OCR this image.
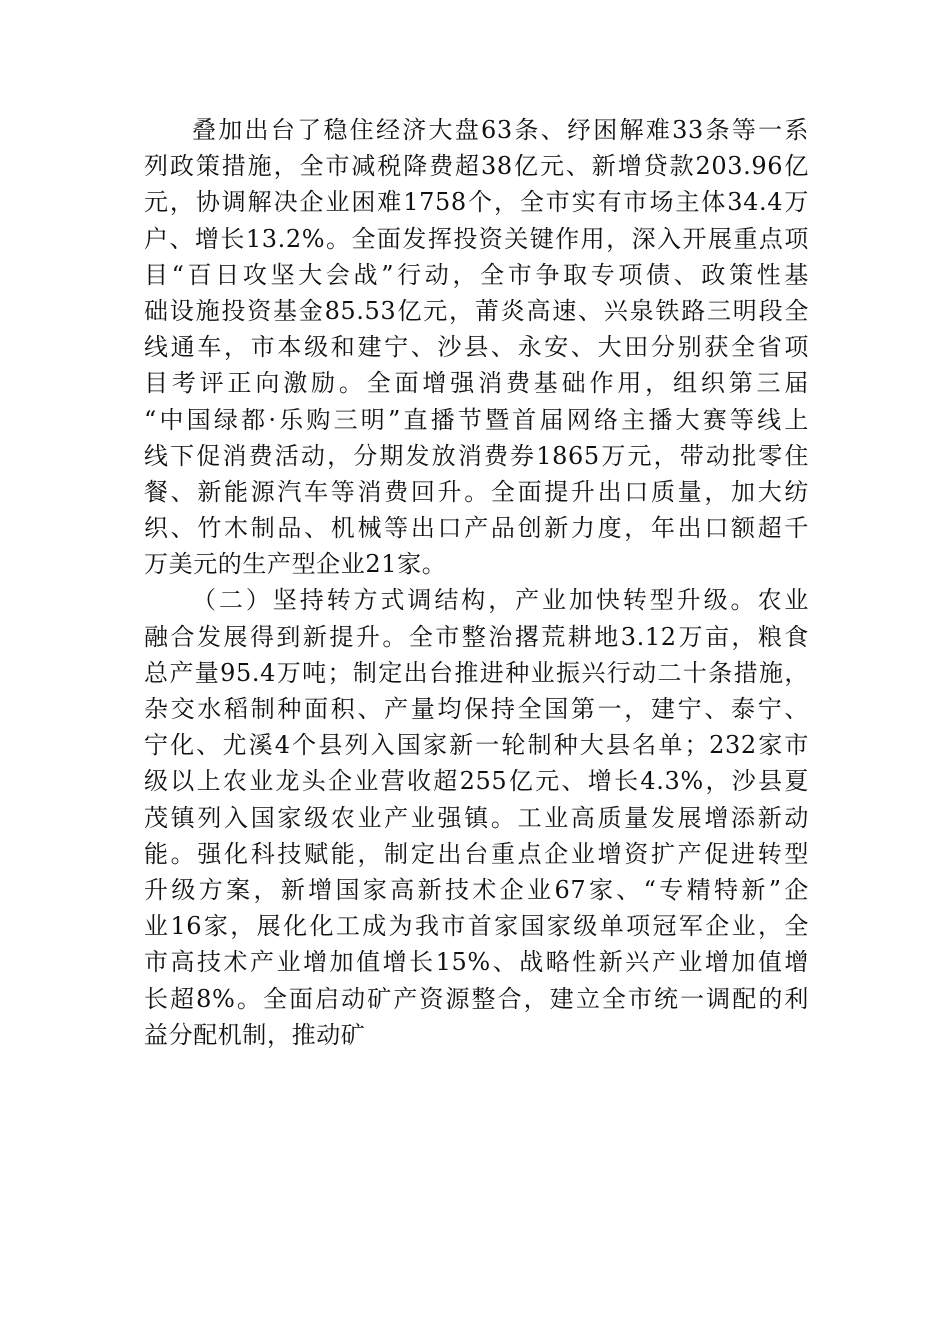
叠加出台了稳住经济大盘63条、纾困解难33条等一系
列政策措施，全市减税降费超38亿元、新增贷款203.96亿
元，协调解决企业困难1758个，全市实有市场主体34.4万
户、增长13.2%。全面发挥投资关键作用，深入开展重点项
目“百日攻坚大会战”行动，全市争取专项债、政策性基
础设施投资基金85.53亿元，莆炎高速、兴泉铁路三明段全
线通车，市本级和建宁、沙县、永安、大田分别获全省项
目考评正向激励。全面增强消费基础作用，组织第三届
“中国绿都·乐购三明”直播节暨首届网络主播大赛等线上
线下促消费活动，分期发放消费券1865万元，带动批零住
餐、新能源汽车等消费回升。全面提升出口质量，加大纺
织、竹木制品、机械等出口产品创新力度，年出口额超千
万美元的生产型企业21家。
（二）坚持转方式调结构，产业加快转型升级。农业
融合发展得到新提升。全市整治撂荒耕地3.12万亩，粮食
总产量95.4万吨；制定出台推进种业振兴行动二十条措施，
杂交水稻制种面积、产量均保持全国第一，建宁、泰宁、
宁化、尤溪4个县列入国家新一轮制种大县名单；232家市
级以上农业龙头企业营收超255亿元、增长4.3%，沙县夏
茂镇列入国家级农业产业强镇。工业高质量发展增添新动
能。强化科技赋能，制定出台重点企业增资扩产促进转型
升级方案，新增国家高新技术企业67家、“专精特新”企
业16家，展化化工成为我市首家国家级单项冠军企业，全
市高技术产业增加值增长15%、战略性新兴产业增加值增
长超8%。全面启动矿产资源整合，建立全市统一调配的利
益分配机制，推动矿
